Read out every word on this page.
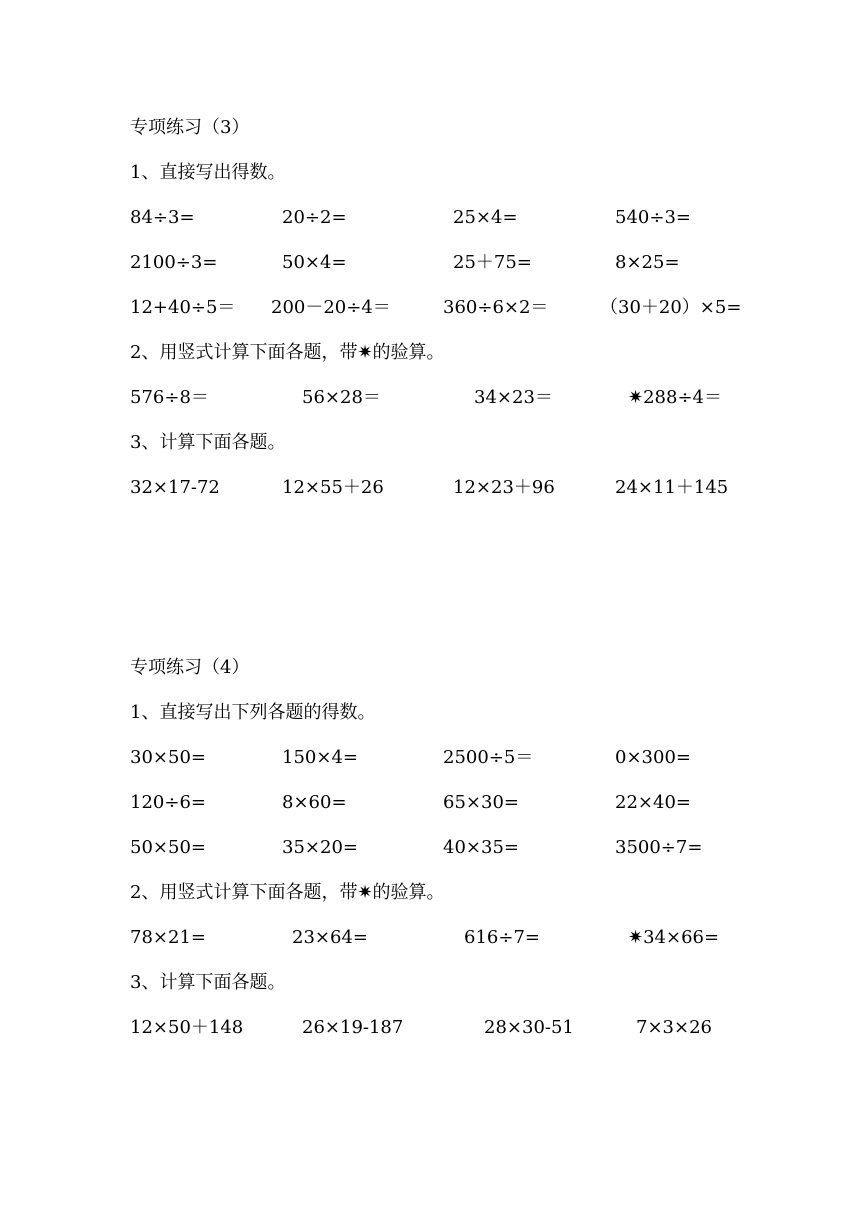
专项练习（3）
1、直接写出得数。
84÷3=	20÷2=	25×4=	540÷3=
2100÷3=	50×4=	25＋75=	8×25=
12+40÷5＝ 200－20÷4＝	360÷6×2＝	（30＋20）×5=
2、用竖式计算下面各题，带✷的验算。
576÷8＝	56×28＝	34×23＝	✷288÷4＝
3、计算下面各题。
32×17-72	12×55＋26	12×23＋96	24×11＋145
专项练习（4）
1、直接写出下列各题的得数。
30×50=	150×4=	2500÷5＝	0×300=
120÷6=	8×60=	65×30=	22×40=
50×50=	35×20=	40×35=	3500÷7=
2、用竖式计算下面各题，带✷的验算。
78×21=	23×64=	616÷7=	✷34×66=
3、计算下面各题。
12×50＋148	26×19-187	28×30-51	7×3×26
